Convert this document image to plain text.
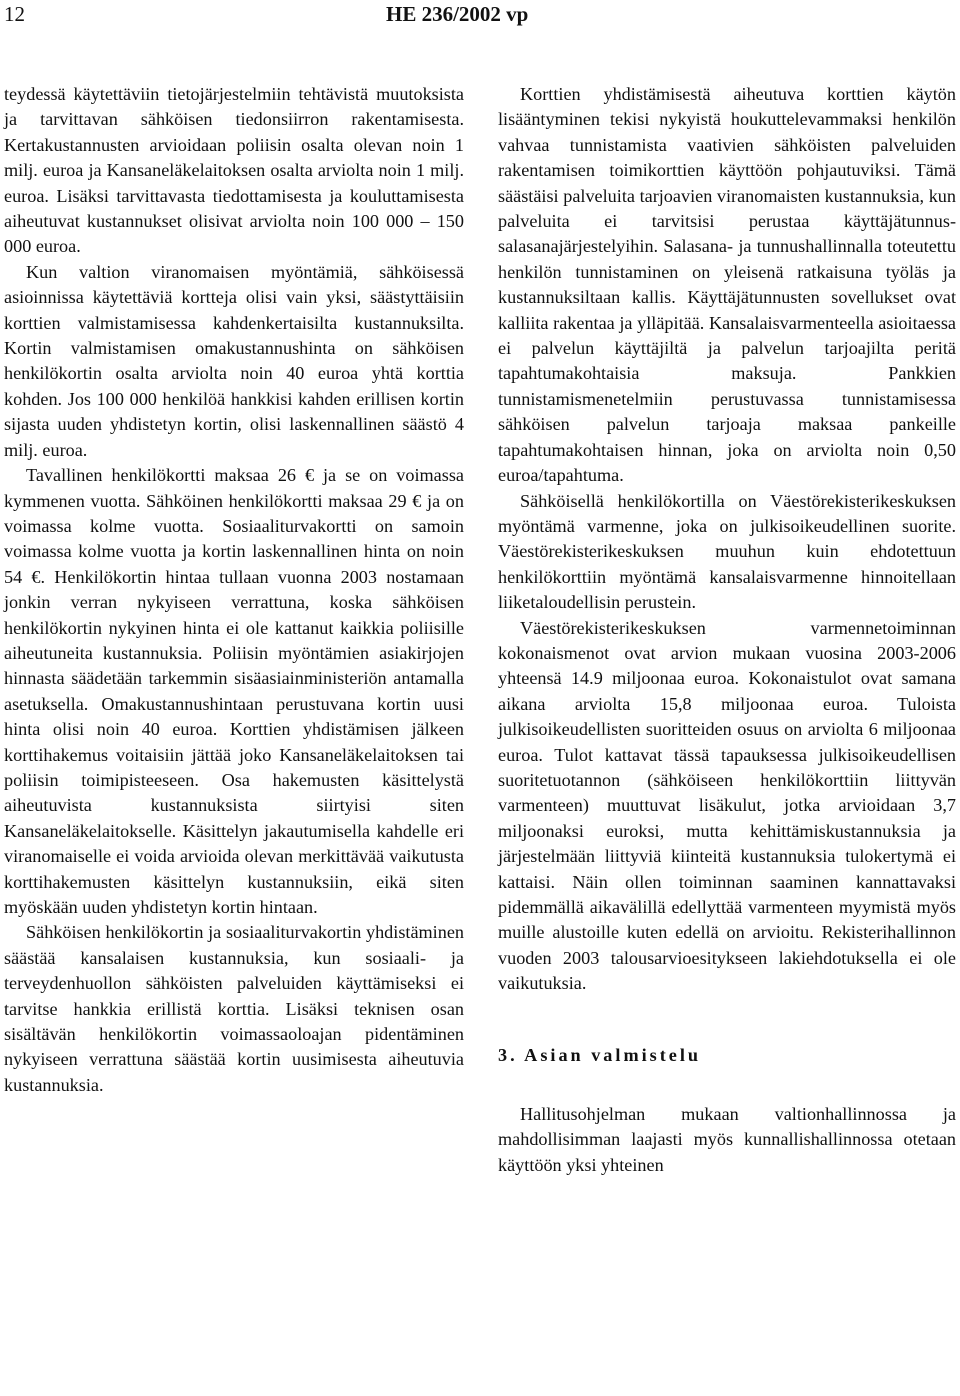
12	HE 236/2002 vp

teydessä käytettäviin tietojärjestelmiin tehtävistä muutoksista ja tarvittavan sähköisen tiedonsiirron rakentamisesta. Kertakustannusten arvioidaan poliisin osalta olevan noin 1 milj. euroa ja Kansaneläkelaitoksen osalta arviolta noin 1 milj. euroa. Lisäksi tarvittavasta tiedottamisesta ja kouluttamisesta aiheutuvat kustannukset olisivat arviolta noin 100 000 – 150 000 euroa.

Kun valtion viranomaisen myöntämiä, sähköisessä asioinnissa käytettäviä kortteja olisi vain yksi, säästyttäisiin korttien valmistamisessa kahdenkertaisilta kustannuksilta. Kortin valmistamisen omakustannushinta on sähköisen henkilökortin osalta arviolta noin 40 euroa yhtä korttia kohden. Jos 100 000 henkilöä hankkisi kahden erillisen kortin sijasta uuden yhdistetyn kortin, olisi laskennallinen säästö 4 milj. euroa.

Tavallinen henkilökortti maksaa 26 € ja se on voimassa kymmenen vuotta. Sähköinen henkilökortti maksaa 29 € ja on voimassa kolme vuotta. Sosiaaliturvakortti on samoin voimassa kolme vuotta ja kortin laskennallinen hinta on noin 54 €. Henkilökortin hintaa tullaan vuonna 2003 nostamaan jonkin verran nykyiseen verrattuna, koska sähköisen henkilökortin nykyinen hinta ei ole kattanut kaikkia poliisille aiheutuneita kustannuksia. Poliisin myöntämien asiakirjojen hinnasta säädetään tarkemmin sisäasiainministeriön antamalla asetuksella. Omakustannushintaan perustuvana kortin uusi hinta olisi noin 40 euroa. Korttien yhdistämisen jälkeen korttihakemus voitaisiin jättää joko Kansaneläkelaitoksen tai poliisin toimipisteeseen. Osa hakemusten käsittelystä aiheutuvista kustannuksista siirtyisi siten Kansaneläkelaitokselle. Käsittelyn jakautumisella kahdelle eri viranomaiselle ei voida arvioida olevan merkittävää vaikutusta korttihakemusten käsittelyn kustannuksiin, eikä siten myöskään uuden yhdistetyn kortin hintaan.

Sähköisen henkilökortin ja sosiaaliturvakortin yhdistäminen säästää kansalaisen kustannuksia, kun sosiaali- ja terveydenhuollon sähköisten palveluiden käyttämiseksi ei tarvitse hankkia erillistä korttia. Lisäksi teknisen osan sisältävän henkilökortin voimassaoloajan pidentäminen nykyiseen verrattuna säästää kortin uusimisesta aiheutuvia kustannuksia.

Korttien yhdistämisestä aiheutuva korttien käytön lisääntyminen tekisi nykyistä houkuttelevammaksi henkilön vahvaa tunnistamista vaativien sähköisten palveluiden rakentamisen toimikorttien käyttöön pohjautuviksi. Tämä säästäisi palveluita tarjoavien viranomaisten kustannuksia, kun palveluita ei tarvitsisi perustaa käyttäjätunnus-salasanajärjestelyihin. Salasana- ja tunnushallinnalla toteutettu henkilön tunnistaminen on yleisenä ratkaisuna työläs ja kustannuksiltaan kallis. Käyttäjätunnusten sovellukset ovat kalliita rakentaa ja ylläpitää. Kansalaisvarmenteella asioitaessa ei palvelun käyttäjiltä ja palvelun tarjoajilta peritä tapahtumakohtaisia maksuja. Pankkien tunnistamismenetelmiin perustuvassa tunnistamisessa sähköisen palvelun tarjoaja maksaa pankeille tapahtumakohtaisen hinnan, joka on arviolta noin 0,50 euroa/tapahtuma.

Sähköisellä henkilökortilla on Väestörekisterikeskuksen myöntämä varmenne, joka on julkisoikeudellinen suorite. Väestörekisterikeskuksen muuhun kuin ehdotettuun henkilökorttiin myöntämä kansalaisvarmenne hinnoitellaan liiketaloudellisin perustein.

Väestörekisterikeskuksen varmennetoiminnan kokonaismenot ovat arvion mukaan vuosina 2003-2006 yhteensä 14.9 miljoonaa euroa. Kokonaistulot ovat samana aikana arviolta 15,8 miljoonaa euroa. Tuloista julkisoikeudellisten suoritteiden osuus on arviolta 6 miljoonaa euroa. Tulot kattavat tässä tapauksessa julkisoikeudellisen suoritetuotannon (sähköiseen henkilökorttiin liittyvän varmenteen) muuttuvat lisäkulut, jotka arvioidaan 3,7 miljoonaksi euroksi, mutta kehittämiskustannuksia ja järjestelmään liittyviä kiinteitä kustannuksia tulokertymä ei kattaisi. Näin ollen toiminnan saaminen kannattavaksi pidemmällä aikavälillä edellyttää varmenteen myymistä myös muille alustoille kuten edellä on arvioitu. Rekisterihallinnon vuoden 2003 talousarvioesitykseen lakiehdotuksella ei ole vaikutuksia.

3. Asian valmistelu

Hallitusohjelman mukaan valtionhallinnossa ja mahdollisimman laajasti myös kunnallishallinnossa otetaan käyttöön yksi yhteinen
